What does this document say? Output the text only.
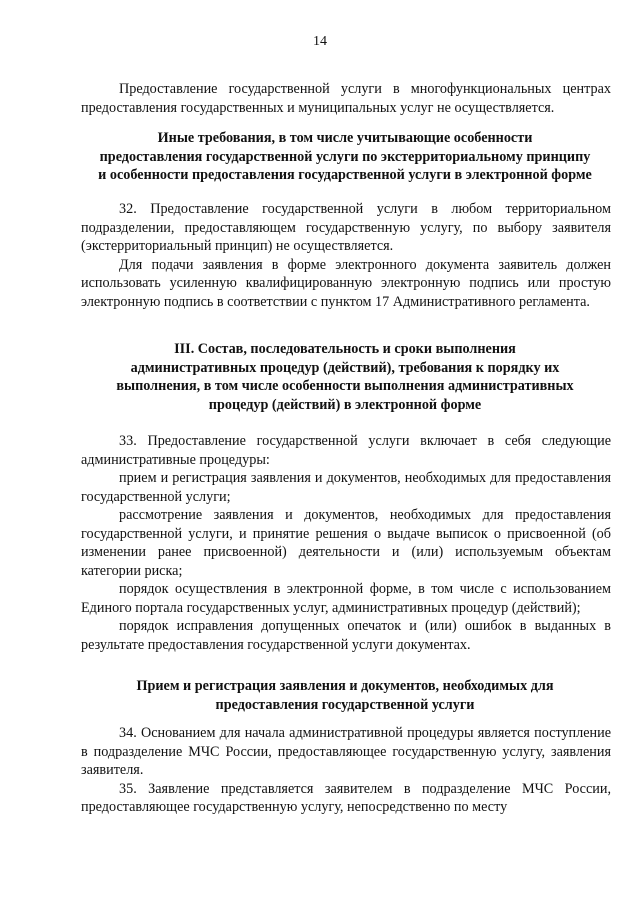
14

Предоставление государственной услуги в многофункциональных центрах предоставления государственных и муниципальных услуг не осуществляется.

Иные требования, в том числе учитывающие особенности
предоставления государственной услуги по экстерриториальному принципу
и особенности предоставления государственной услуги в электронной форме

32. Предоставление государственной услуги в любом территориальном подразделении, предоставляющем государственную услугу, по выбору заявителя (экстерриториальный принцип) не осуществляется.

Для подачи заявления в форме электронного документа заявитель должен использовать усиленную квалифицированную электронную подпись или простую электронную подпись в соответствии с пунктом 17 Административного регламента.

III. Состав, последовательность и сроки выполнения
административных процедур (действий), требования к порядку их
выполнения, в том числе особенности выполнения административных
процедур (действий) в электронной форме

33. Предоставление государственной услуги включает в себя следующие административные процедуры:

прием и регистрация заявления и документов, необходимых для предоставления государственной услуги;

рассмотрение заявления и документов, необходимых для предоставления государственной услуги, и принятие решения о выдаче выписок о присвоенной (об изменении ранее присвоенной) деятельности и (или) используемым объектам категории риска;

порядок осуществления в электронной форме, в том числе с использованием Единого портала государственных услуг, административных процедур (действий);

порядок исправления допущенных опечаток и (или) ошибок в выданных в результате предоставления государственной услуги документах.

Прием и регистрация заявления и документов, необходимых для
предоставления государственной услуги

34. Основанием для начала административной процедуры является поступление в подразделение МЧС России, предоставляющее государственную услугу, заявления заявителя.

35. Заявление представляется заявителем в подразделение МЧС России, предоставляющее государственную услугу, непосредственно по месту
